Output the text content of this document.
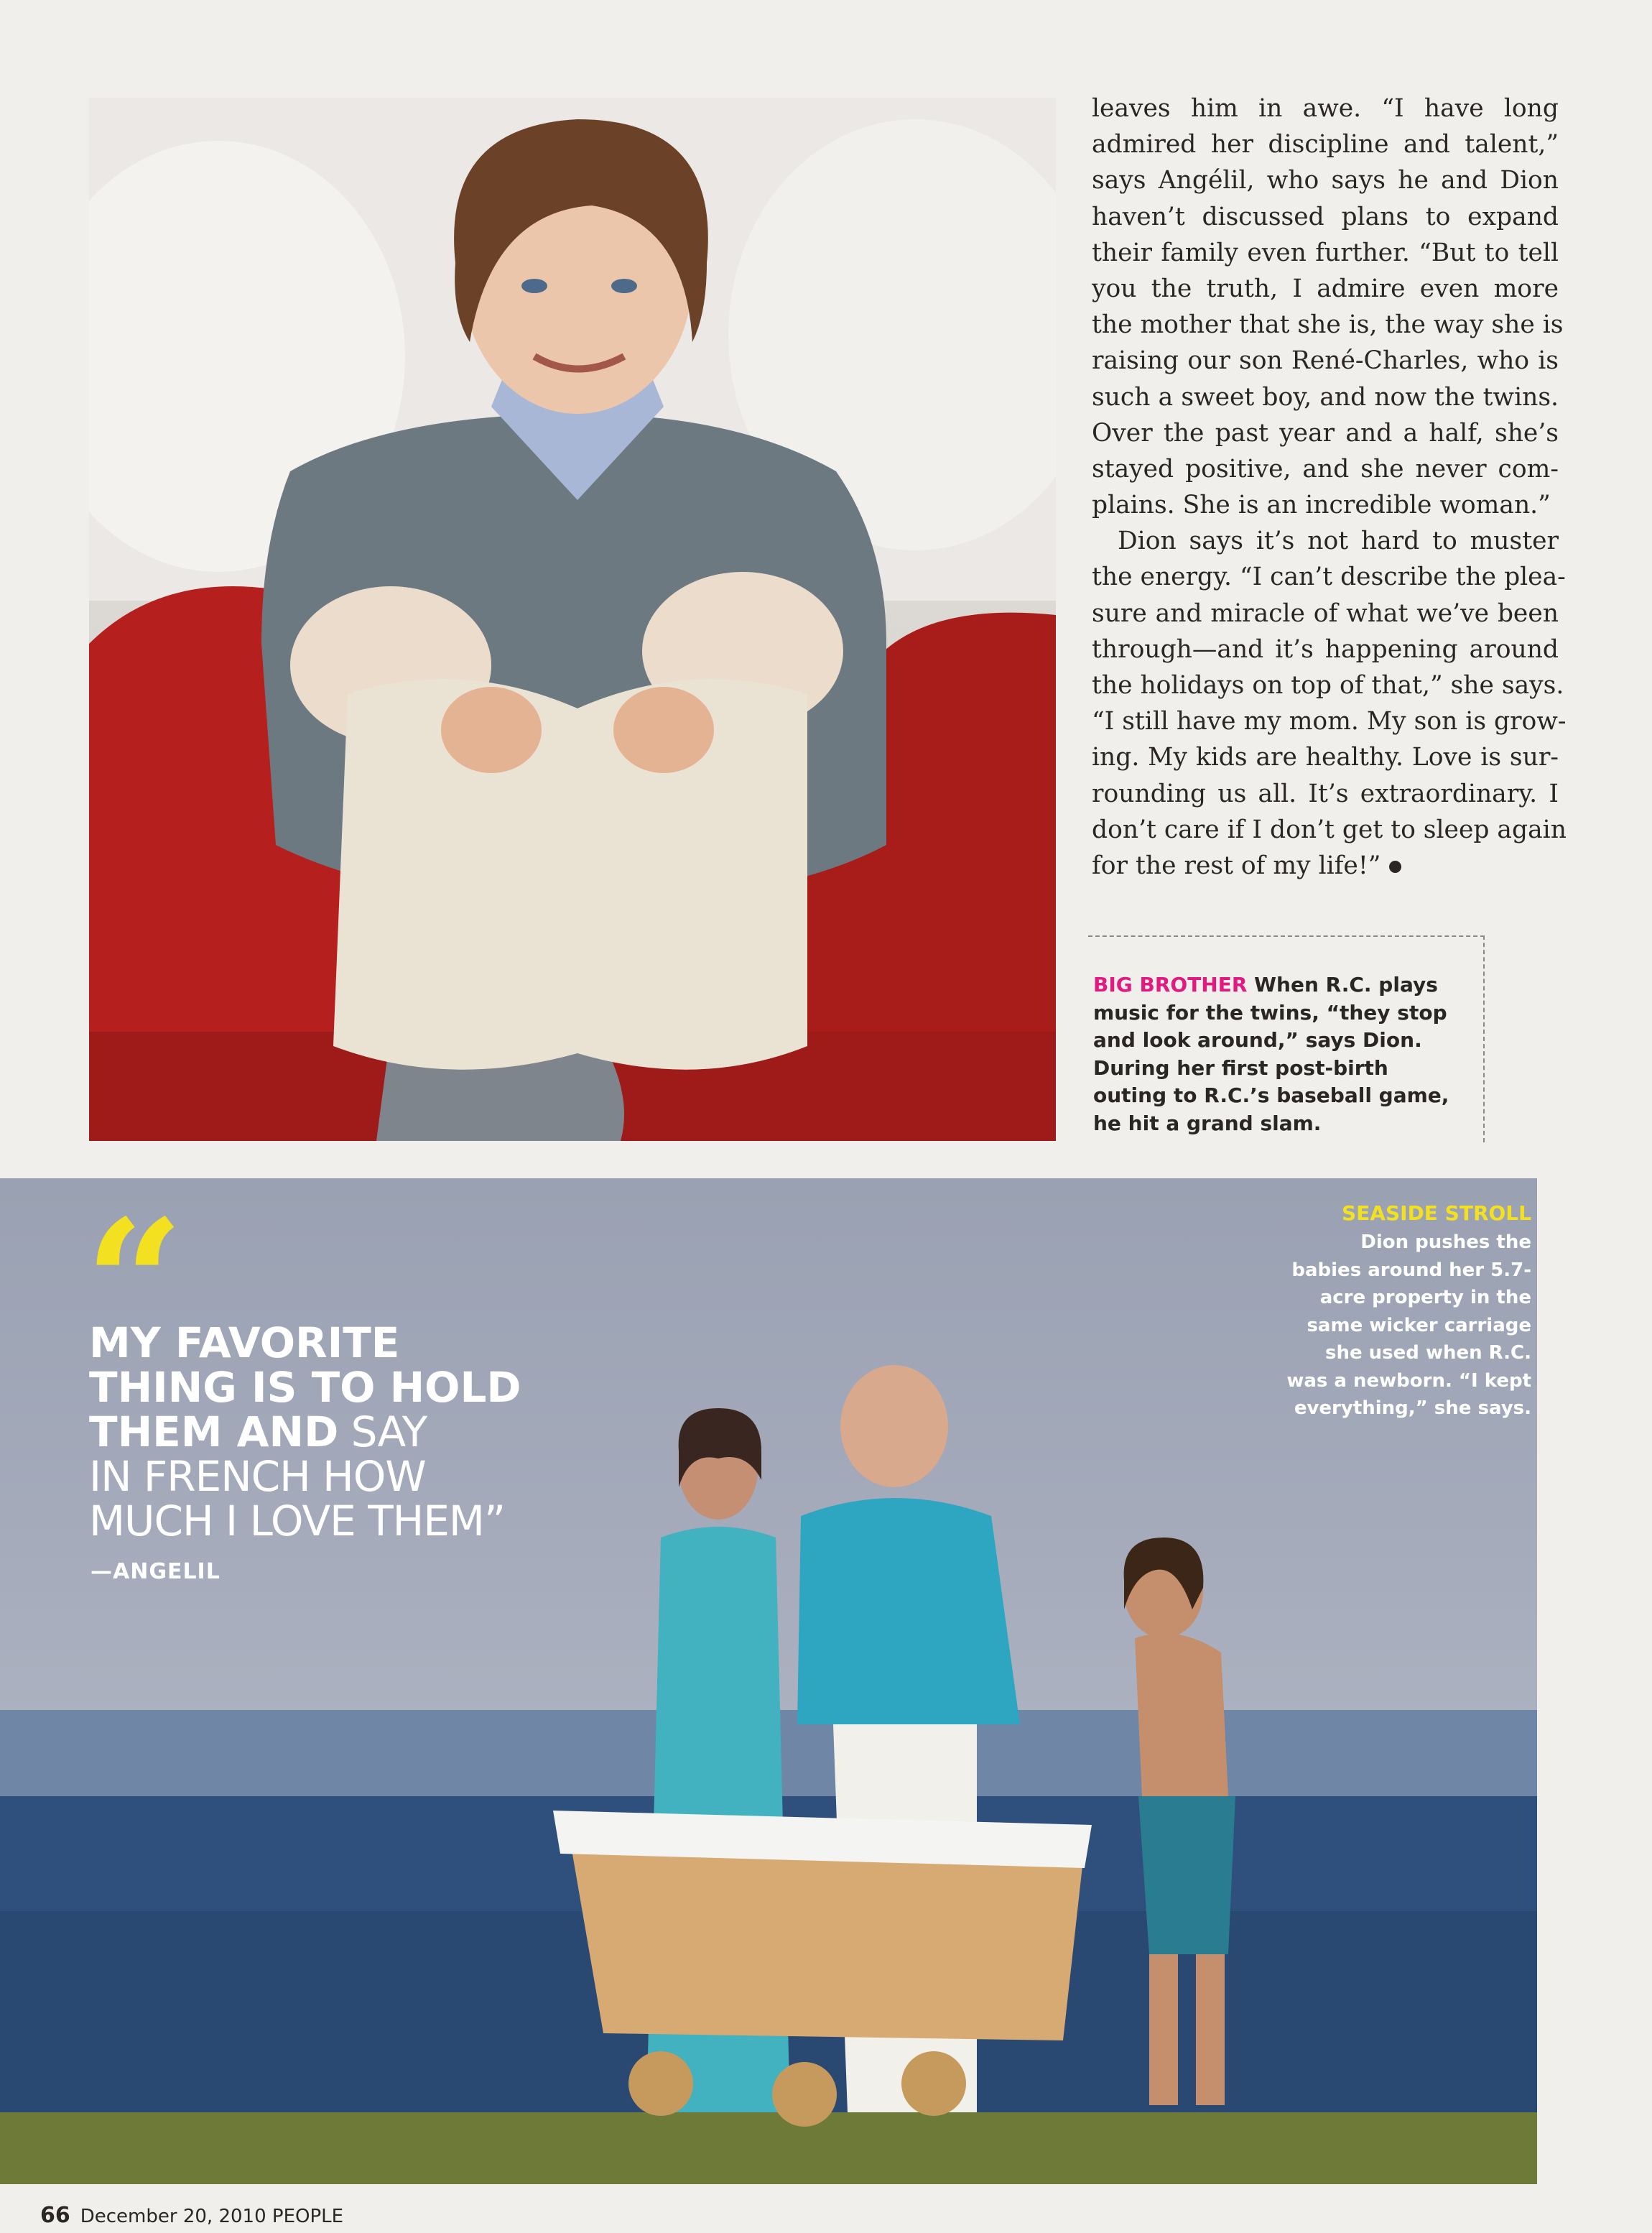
leaves him in awe. “I have long
admired her discipline and talent,”
says Angélil, who says he and Dion
haven’t discussed plans to expand
their family even further. “But to tell
you the truth, I admire even more
the mother that she is, the way she is
raising our son René-Charles, who is
such a sweet boy, and now the twins.
Over the past year and a half, she’s
stayed positive, and she never com-
plains. She is an incredible woman.”
Dion says it’s not hard to muster
the energy. “I can’t describe the plea-
sure and miracle of what we’ve been
through—and it’s happening around
the holidays on top of that,” she says.
“I still have my mom. My son is grow-
ing. My kids are healthy. Love is sur-
rounding us all. It’s extraordinary. I
don’t care if I don’t get to sleep again
for the rest of my life!”
BIG BROTHER When R.C. plays
music for the twins, “they stop
and look around,” says Dion.
During her first post-birth
outing to R.C.’s baseball game,
he hit a grand slam.
“
MY FAVORITE
THING IS TO HOLD
THEM AND SAY
IN FRENCH HOW
MUCH I LOVE THEM”
—ANGELIL
SEASIDE STROLL
Dion pushes the
babies around her 5.7-
acre property in the
same wicker carriage
she used when R.C.
was a newborn. “I kept
everything,” she says.
66 December 20, 2010 PEOPLE
